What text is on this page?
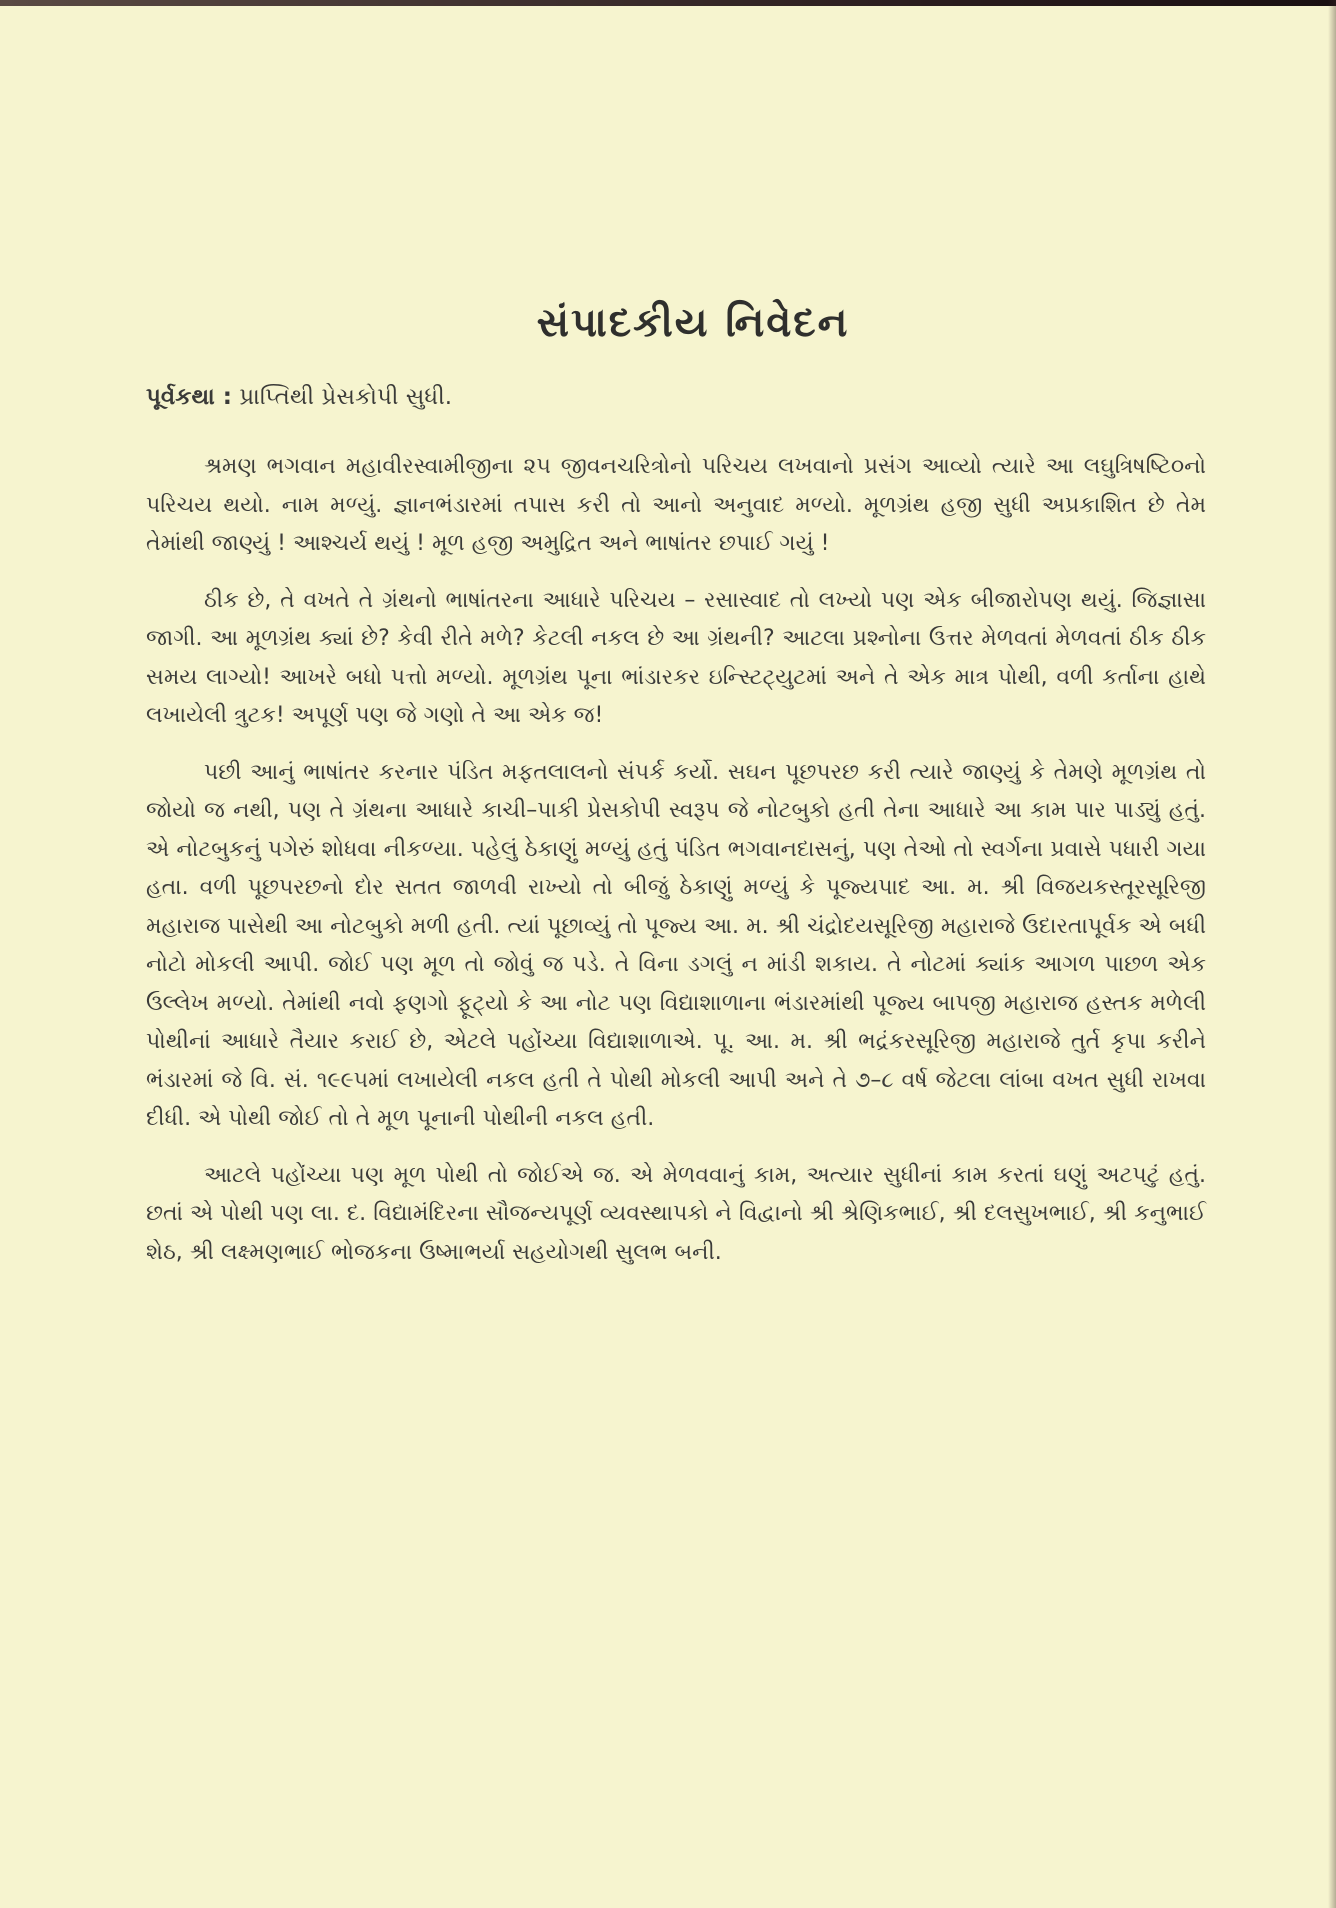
સંપાદકીય નિવેદન
પૂર્વકથા : પ્રાપ્તિથી પ્રેસકોપી સુધી.

શ્રમણ ભગવાન મહાવીરસ્વામીજીના ૨૫ જીવનચરિત્રોનો પરિચય લખવાનો પ્રસંગ આવ્યો ત્યારે આ લઘુત્રિષષ્ટિ૦નો પરિચય થયો. નામ મળ્યું. જ્ઞાનભંડારમાં તપાસ કરી તો આનો અનુવાદ મળ્યો. મૂળગ્રંથ હજી સુધી અપ્રકાશિત છે તેમ તેમાંથી જાણ્યું ! આશ્ચર્ય થયું ! મૂળ હજી અમુદ્રિત અને ભાષાંતર છપાઈ ગયું !

ઠીક છે, તે વખતે તે ગ્રંથનો ભાષાંતરના આધારે પરિચય – રસાસ્વાદ તો લખ્યો પણ એક બીજારોપણ થયું. જિજ્ઞાસા જાગી. આ મૂળગ્રંથ ક્યાં છે? કેવી રીતે મળે? કેટલી નકલ છે આ ગ્રંથની? આટલા પ્રશ્નોના ઉત્તર મેળવતાં મેળવતાં ઠીક ઠીક સમય લાગ્યો! આખરે બધો પત્તો મળ્યો. મૂળગ્રંથ પૂના ભાંડારકર ઇન્સ્ટિટ્યુટમાં અને તે એક માત્ર પોથી, વળી કર્તાના હાથે લખાયેલી ત્રુટક! અપૂર્ણ પણ જે ગણો તે આ એક જ!

પછી આનું ભાષાંતર કરનાર પંડિત મફતલાલનો સંપર્ક કર્યો. સઘન પૂછપરછ કરી ત્યારે જાણ્યું કે તેમણે મૂળગ્રંથ તો જોયો જ નથી, પણ તે ગ્રંથના આધારે કાચી–પાકી પ્રેસકોપી સ્વરૂપ જે નોટબુકો હતી તેના આધારે આ કામ પાર પાડ્યું હતું. એ નોટબુકનું પગેરું શોધવા નીકળ્યા. પહેલું ઠેકાણું મળ્યું હતું પંડિત ભગવાનદાસનું, પણ તેઓ તો સ્વર્ગના પ્રવાસે પધારી ગયા હતા. વળી પૂછપરછનો દોર સતત જાળવી રાખ્યો તો બીજું ઠેકાણું મળ્યું કે પૂજ્યપાદ આ. મ. શ્રી વિજયકસ્તૂરસૂરિજી મહારાજ પાસેથી આ નોટબુકો મળી હતી. ત્યાં પૂછાવ્યું તો પૂજ્ય આ. મ. શ્રી ચંદ્રોદયસૂરિજી મહારાજે ઉદારતાપૂર્વક એ બધી નોટો મોકલી આપી. જોઈ પણ મૂળ તો જોવું જ પડે. તે વિના ડગલું ન માંડી શકાય. તે નોટમાં ક્યાંક આગળ પાછળ એક ઉલ્લેખ મળ્યો. તેમાંથી નવો ફણગો ફૂટ્યો કે આ નોટ પણ વિદ્યાશાળાના ભંડારમાંથી પૂજ્ય બાપજી મહારાજ હસ્તક મળેલી પોથીનાં આધારે તૈયાર કરાઈ છે, એટલે પહોંચ્યા વિદ્યાશાળાએ. પૂ. આ. મ. શ્રી ભદ્રંકરસૂરિજી મહારાજે તુર્ત કૃપા કરીને ભંડારમાં જે વિ. સં. ૧૯૯૫માં લખાયેલી નકલ હતી તે પોથી મોકલી આપી અને તે ૭–૮ વર્ષ જેટલા લાંબા વખત સુધી રાખવા દીધી. એ પોથી જોઈ તો તે મૂળ પૂનાની પોથીની નકલ હતી.

આટલે પહોંચ્યા પણ મૂળ પોથી તો જોઈએ જ. એ મેળવવાનું કામ, અત્યાર સુધીનાં કામ કરતાં ઘણું અટપટું હતું. છતાં એ પોથી પણ લા. દ. વિદ્યામંદિરના સૌજન્યપૂર્ણ વ્યવસ્થાપકો ને વિદ્વાનો શ્રી શ્રેણિકભાઈ, શ્રી દલસુખભાઈ, શ્રી કનુભાઈ શેઠ, શ્રી લક્ષ્મણભાઈ ભોજકના ઉષ્માભર્યા સહયોગથી સુલભ બની.
